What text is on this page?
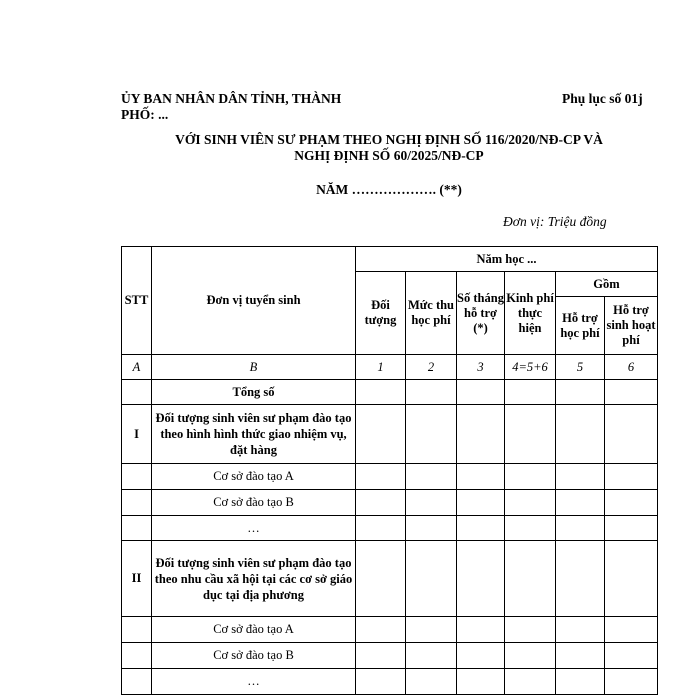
ỦY BAN NHÂN DÂN TỈNH, THÀNH
PHỐ: ...
Phụ lục số 01j
VỚI SINH VIÊN SƯ PHẠM THEO NGHỊ ĐỊNH SỐ 116/2020/NĐ-CP VÀ
NGHỊ ĐỊNH SỐ 60/2025/NĐ-CP
NĂM ………………. (**)
Đơn vị: Triệu đồng
STT	Đơn vị tuyển sinh	Năm học ...					
		Đối tượng	Mức thu học phí	Số tháng hỗ trợ (*)	Kinh phí thực hiện	Gồm	
						Hỗ trợ học phí	Hỗ trợ sinh hoạt phí
A	B	1	2	3	4=5+6	5	6
	Tổng số						
I	Đối tượng sinh viên sư phạm đào tạo theo hình hình thức giao nhiệm vụ, đặt hàng						
	Cơ sở đào tạo A						
	Cơ sở đào tạo B						
	…						
II	Đối tượng sinh viên sư phạm đào tạo theo nhu cầu xã hội tại các cơ sở giáo dục tại địa phương						
	Cơ sở đào tạo A						
	Cơ sở đào tạo B						
	…						
